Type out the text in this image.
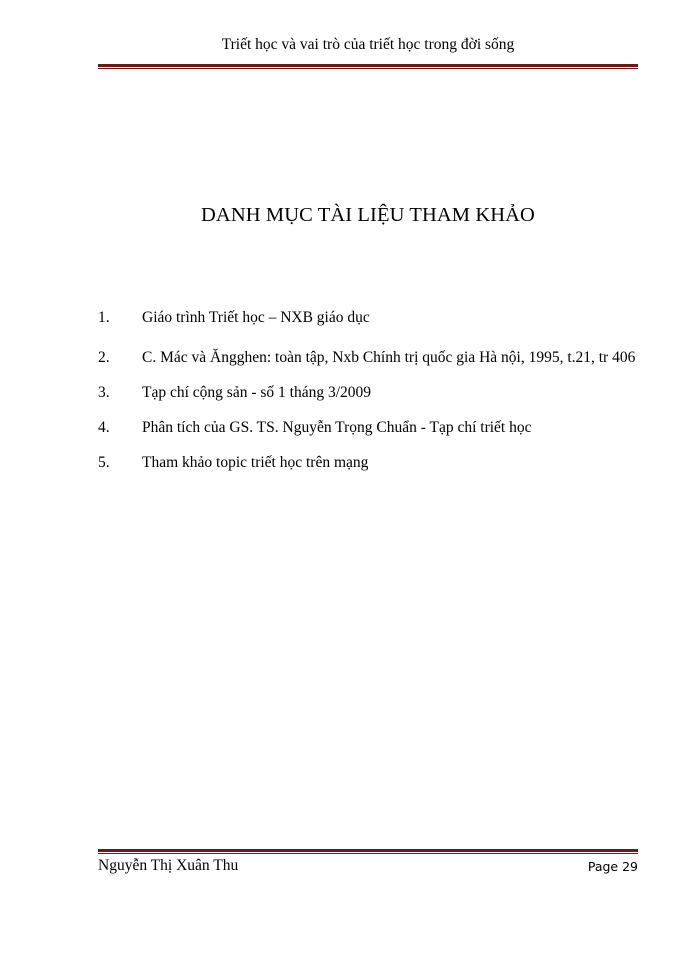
Triết học và vai trò của triết học trong đời sống
DANH MỤC TÀI LIỆU THAM KHẢO
1. Giáo trình Triết học – NXB giáo dục
2. C. Mác và Ăngghen: toàn tập, Nxb Chính trị quốc gia Hà nội, 1995, t.21, tr 406
3. Tạp chí cộng sản - số 1 tháng 3/2009
4. Phân tích của GS. TS. Nguyễn Trọng Chuẩn - Tạp chí triết học
5. Tham khảo topic triết học trên mạng
Nguyễn Thị Xuân Thu	Page 29
